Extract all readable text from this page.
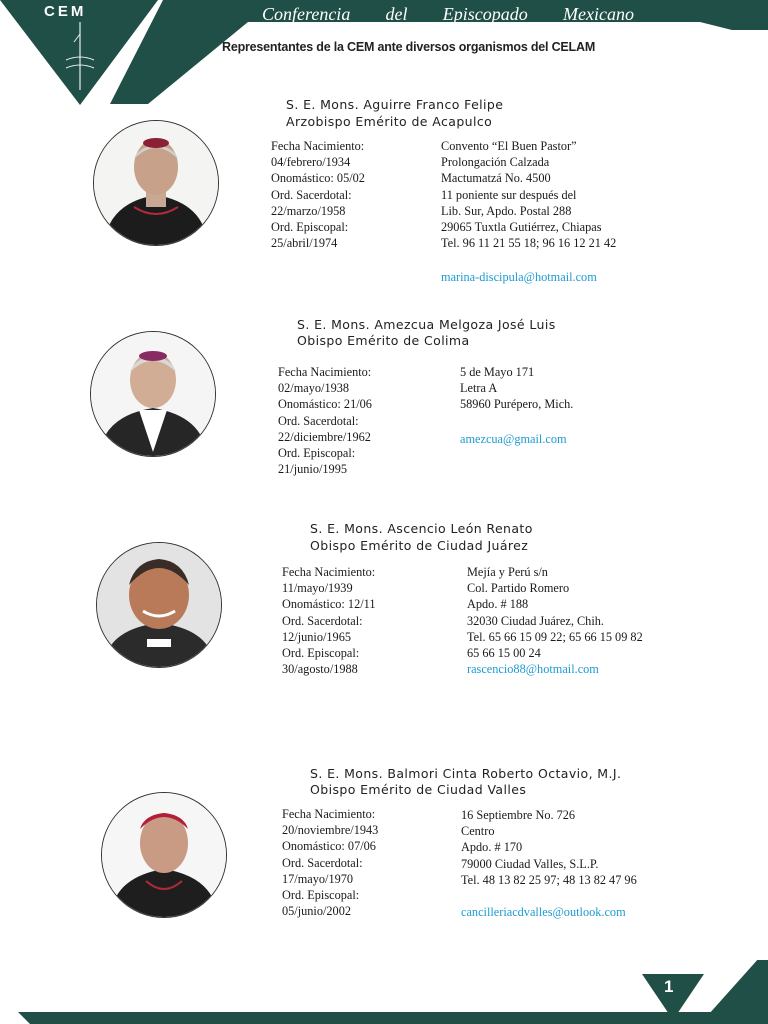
CEM	Conferencia del Episcopado Mexicano
Representantes de la CEM ante diversos organismos del CELAM
S. E. Mons. Aguirre Franco Felipe
Arzobispo Emérito de Acapulco
Fecha Nacimiento:
04/febrero/1934
Onomástico: 05/02
Ord. Sacerdotal:
22/marzo/1958
Ord. Episcopal:
25/abril/1974
Convento “El Buen Pastor”
Prolongación Calzada
Mactumatzá No. 4500
11 poniente sur después del
Lib. Sur, Apdo. Postal 288
29065 Tuxtla Gutiérrez, Chiapas
Tel. 96 11 21 55 18; 96 16 12 21 42
marina-discipula@hotmail.com
S. E. Mons. Amezcua Melgoza José Luis
Obispo Emérito de Colima
Fecha Nacimiento:
02/mayo/1938
Onomástico: 21/06
Ord. Sacerdotal:
22/diciembre/1962
Ord. Episcopal:
21/junio/1995
5 de Mayo 171
Letra A
58960 Purépero, Mich.
amezcua@gmail.com
S. E. Mons. Ascencio León Renato
Obispo Emérito de Ciudad Juárez
Fecha Nacimiento:
11/mayo/1939
Onomástico: 12/11
Ord. Sacerdotal:
12/junio/1965
Ord. Episcopal:
30/agosto/1988
Mejía y Perú s/n
Col. Partido Romero
Apdo. # 188
32030 Ciudad Juárez, Chih.
Tel. 65 66 15 09 22; 65 66 15 09 82
65 66 15 00 24
rascencio88@hotmail.com
S. E. Mons. Balmori Cinta Roberto Octavio, M.J.
Obispo Emérito de Ciudad Valles
Fecha Nacimiento:
20/noviembre/1943
Onomástico: 07/06
Ord. Sacerdotal:
17/mayo/1970
Ord. Episcopal:
05/junio/2002
16 Septiembre No. 726
Centro
Apdo. # 170
79000 Ciudad Valles, S.L.P.
Tel. 48 13 82 25 97; 48 13 82 47 96
cancilleriacdvalles@outlook.com
1
